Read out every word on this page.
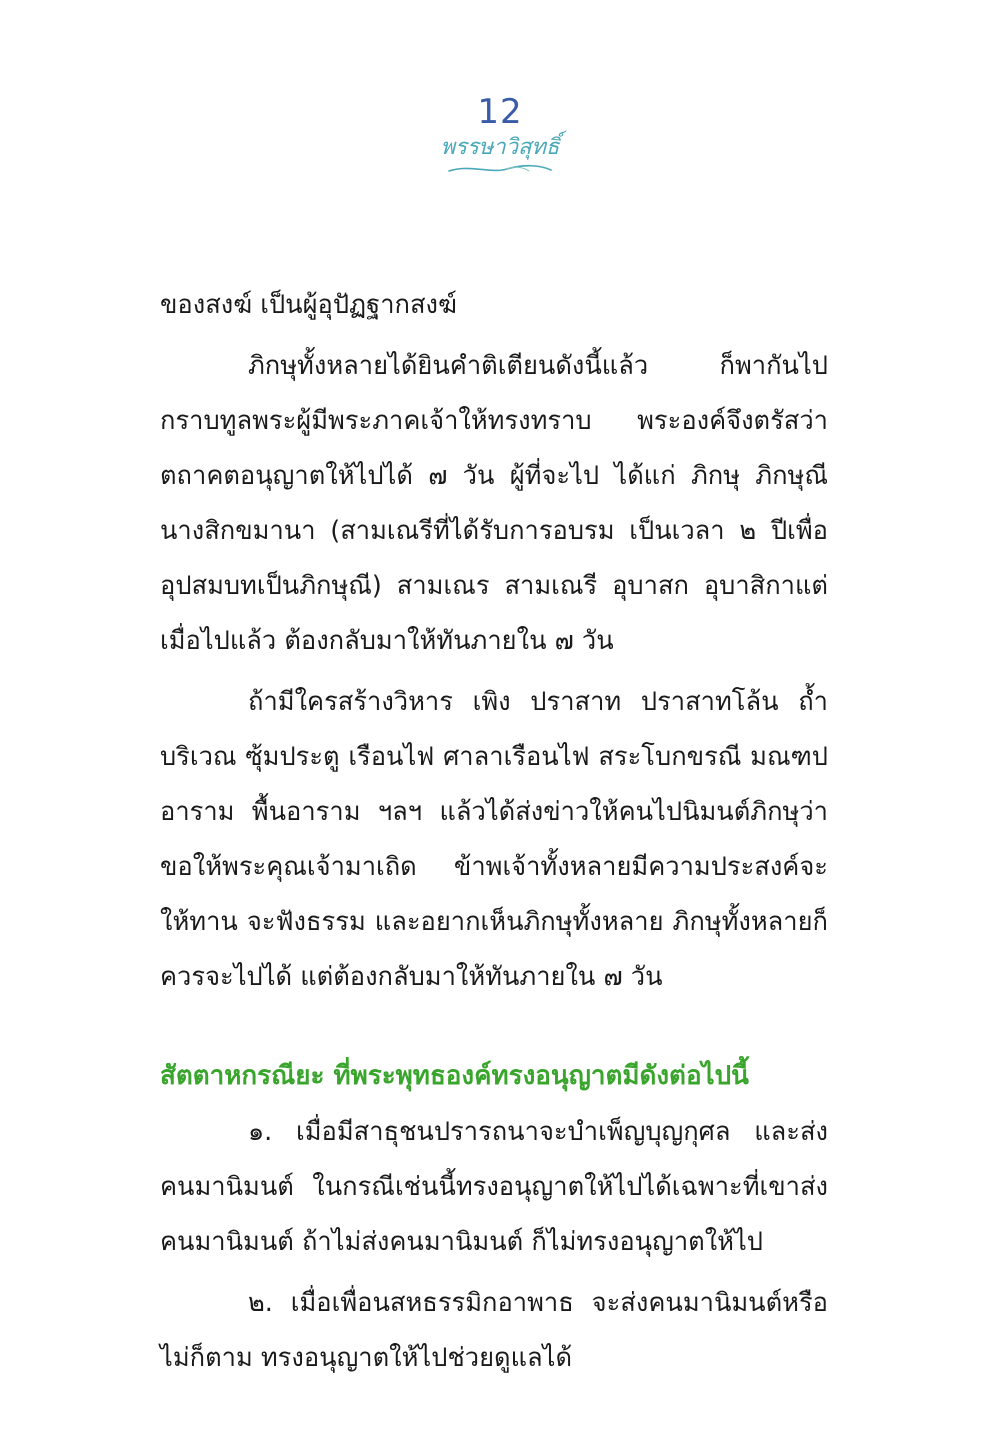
12
พรรษาวิสุทธิ์

ของสงฆ์ เป็นผู้อุปัฏฐากสงฆ์

ภิกษุทั้งหลายได้ยินคำติเตียนดังนี้แล้ว ก็พากันไปกราบทูลพระผู้มีพระภาคเจ้าให้ทรงทราบ พระองค์จึงตรัสว่าตถาคตอนุญาตให้ไปได้ ๗ วัน ผู้ที่จะไป ได้แก่ ภิกษุ ภิกษุณีนางสิกขมานา (สามเณรีที่ได้รับการอบรม เป็นเวลา ๒ ปีเพื่ออุปสมบทเป็นภิกษุณี) สามเณร สามเณรี อุบาสก อุบาสิกาแต่เมื่อไปแล้ว ต้องกลับมาให้ทันภายใน ๗ วัน

ถ้ามีใครสร้างวิหาร เพิง ปราสาท ปราสาทโล้น ถ้ำบริเวณ ซุ้มประตู เรือนไฟ ศาลาเรือนไฟ สระโบกขรณี มณฑปอาราม พื้นอาราม ฯลฯ แล้วได้ส่งข่าวให้คนไปนิมนต์ภิกษุว่า ขอให้พระคุณเจ้ามาเถิด ข้าพเจ้าทั้งหลายมีความประสงค์จะให้ทาน จะฟังธรรม และอยากเห็นภิกษุทั้งหลาย ภิกษุทั้งหลายก็ควรจะไปได้ แต่ต้องกลับมาให้ทันภายใน ๗ วัน

สัตตาหกรณียะ ที่พระพุทธองค์ทรงอนุญาตมีดังต่อไปนี้

๑. เมื่อมีสาธุชนปรารถนาจะบำเพ็ญบุญกุศล และส่งคนมานิมนต์ ในกรณีเช่นนี้ทรงอนุญาตให้ไปได้เฉพาะที่เขาส่งคนมานิมนต์ ถ้าไม่ส่งคนมานิมนต์ ก็ไม่ทรงอนุญาตให้ไป

๒. เมื่อเพื่อนสหธรรมิกอาพาธ จะส่งคนมานิมนต์หรือไม่ก็ตาม ทรงอนุญาตให้ไปช่วยดูแลได้
